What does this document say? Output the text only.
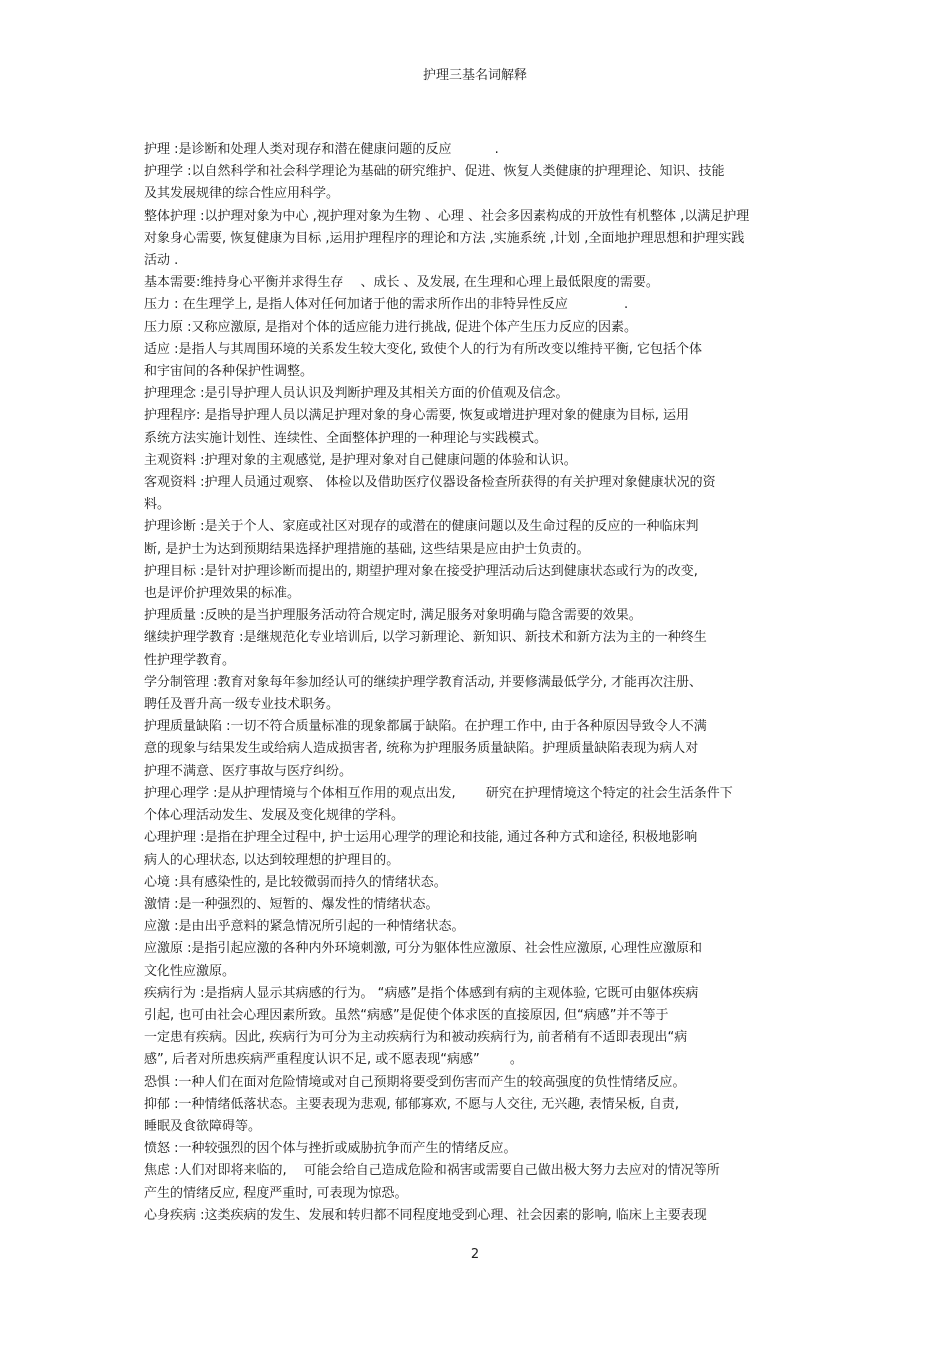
护理三基名词解释

护理 :是诊断和处理人类对现存和潜在健康问题的反应 　　　.

护理学 :以自然科学和社会科学理论为基础的研究维护、促进、恢复人类健康的护理理论、知识、技能
及其发展规律的综合性应用科学。

整体护理 :以护理对象为中心 ,视护理对象为生物 、心理 、社会多因素构成的开放性有机整体 ,以满足护理
对象身心需要, 恢复健康为目标 ,运用护理程序的理论和方法 ,实施系统 ,计划 ,全面地护理思想和护理实践
活动 .

基本需要:维持身心平衡并求得生存 　、成长 、及发展, 在生理和心理上最低限度的需要。

压力 : 在生理学上, 是指人体对任何加诸于他的需求所作出的非特异性反应 　　　　.

压力原 :又称应激原, 是指对个体的适应能力进行挑战, 促进个体产生压力反应的因素。

适应 :是指人与其周围环境的关系发生较大变化, 致使个人的行为有所改变以维持平衡, 它包括个体
和宇宙间的各种保护性调整。

护理理念 :是引导护理人员认识及判断护理及其相关方面的价值观及信念。

护理程序: 是指导护理人员以满足护理对象的身心需要, 恢复或增进护理对象的健康为目标, 运用
系统方法实施计划性、连续性、全面整体护理的一种理论与实践模式。

主观资料 :护理对象的主观感觉, 是护理对象对自己健康问题的体验和认识。

客观资料 :护理人员通过观察、 体检以及借助医疗仪器设备检查所获得的有关护理对象健康状况的资
料。

护理诊断 :是关于个人、家庭或社区对现存的或潜在的健康问题以及生命过程的反应的一种临床判
断, 是护士为达到预期结果选择护理措施的基础, 这些结果是应由护士负责的。

护理目标 :是针对护理诊断而提出的, 期望护理对象在接受护理活动后达到健康状态或行为的改变,
也是评价护理效果的标准。

护理质量 :反映的是当护理服务活动符合规定时, 满足服务对象明确与隐含需要的效果。

继续护理学教育 :是继规范化专业培训后, 以学习新理论、新知识、新技术和新方法为主的一种终生
性护理学教育。

学分制管理 :教育对象每年参加经认可的继续护理学教育活动, 并要修满最低学分, 才能再次注册、
聘任及晋升高一级专业技术职务。

护理质量缺陷 :一切不符合质量标准的现象都属于缺陷。在护理工作中, 由于各种原因导致令人不满
意的现象与结果发生或给病人造成损害者, 统称为护理服务质量缺陷。护理质量缺陷表现为病人对
护理不满意、医疗事故与医疗纠纷。

护理心理学 :是从护理情境与个体相互作用的观点出发, 　　研究在护理情境这个特定的社会生活条件下
个体心理活动发生、发展及变化规律的学科。

心理护理 :是指在护理全过程中, 护士运用心理学的理论和技能, 通过各种方式和途径, 积极地影响
病人的心理状态, 以达到较理想的护理目的。

心境 :具有感染性的, 是比较微弱而持久的情绪状态。

激情 :是一种强烈的、短暂的、爆发性的情绪状态。

应激 :是由出乎意料的紧急情况所引起的一种情绪状态。

应激原 :是指引起应激的各种内外环境刺激, 可分为躯体性应激原、社会性应激原, 心理性应激原和
文化性应激原。

疾病行为 :是指病人显示其病感的行为。 “病感”是指个体感到有病的主观体验, 它既可由躯体疾病
引起, 也可由社会心理因素所致。虽然“病感”是促使个体求医的直接原因, 但“病感”并不等于
一定患有疾病。因此, 疾病行为可分为主动疾病行为和被动疾病行为, 前者稍有不适即表现出“病
感”, 后者对所患疾病严重程度认识不足, 或不愿表现“病感” 　　。

恐惧 :一种人们在面对危险情境或对自己预期将要受到伤害而产生的较高强度的负性情绪反应。

抑郁 :一种情绪低落状态。主要表现为悲观, 郁郁寡欢, 不愿与人交往, 无兴趣, 表情呆板, 自责,
睡眠及食欲障碍等。

愤怒 :一种较强烈的因个体与挫折或威胁抗争而产生的情绪反应。

焦虑 :人们对即将来临的, 　可能会给自己造成危险和祸害或需要自己做出极大努力去应对的情况等所
产生的情绪反应, 程度严重时, 可表现为惊恐。

心身疾病 :这类疾病的发生、发展和转归都不同程度地受到心理、社会因素的影响, 临床上主要表现

2
